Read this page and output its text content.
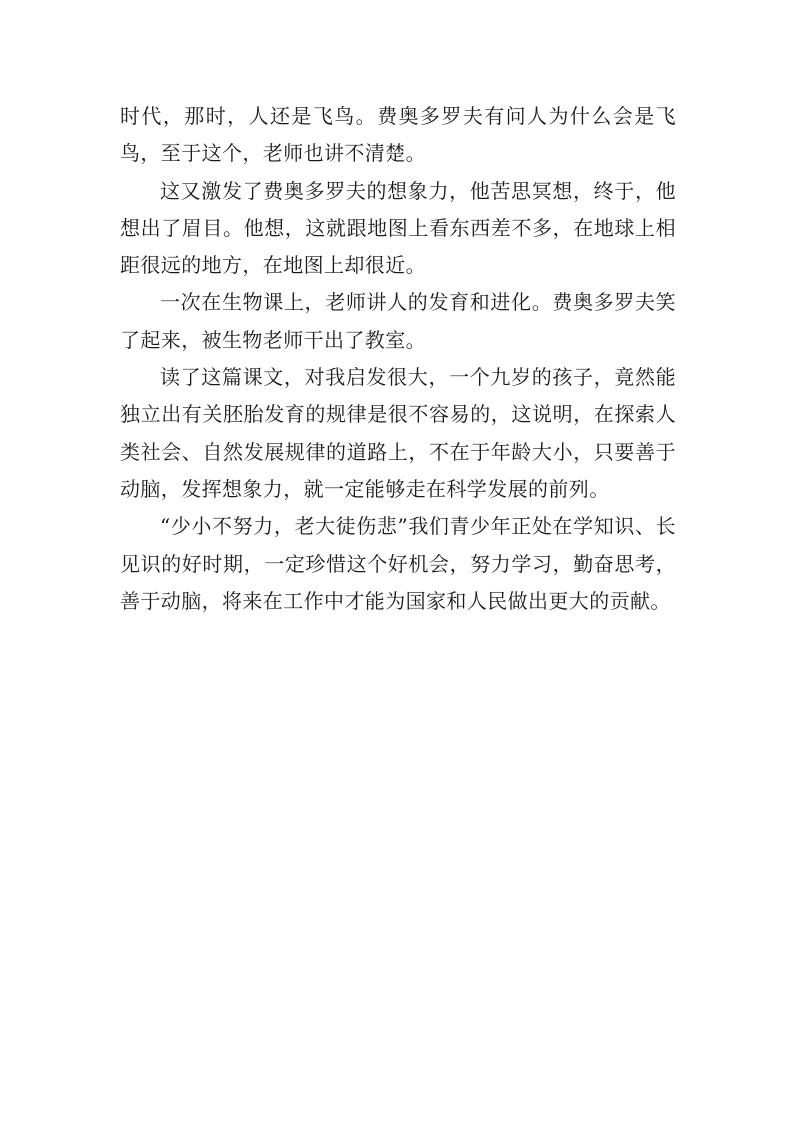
时代，那时，人还是飞鸟。费奥多罗夫有问人为什么会是飞鸟，至于这个，老师也讲不清楚。

这又激发了费奥多罗夫的想象力，他苦思冥想，终于，他想出了眉目。他想，这就跟地图上看东西差不多，在地球上相距很远的地方，在地图上却很近。

一次在生物课上，老师讲人的发育和进化。费奥多罗夫笑了起来，被生物老师干出了教室。

读了这篇课文，对我启发很大，一个九岁的孩子，竟然能独立出有关胚胎发育的规律是很不容易的，这说明，在探索人类社会、自然发展规律的道路上，不在于年龄大小，只要善于动脑，发挥想象力，就一定能够走在科学发展的前列。

“少小不努力，老大徒伤悲”我们青少年正处在学知识、长见识的好时期，一定珍惜这个好机会，努力学习，勤奋思考，善于动脑，将来在工作中才能为国家和人民做出更大的贡献。
